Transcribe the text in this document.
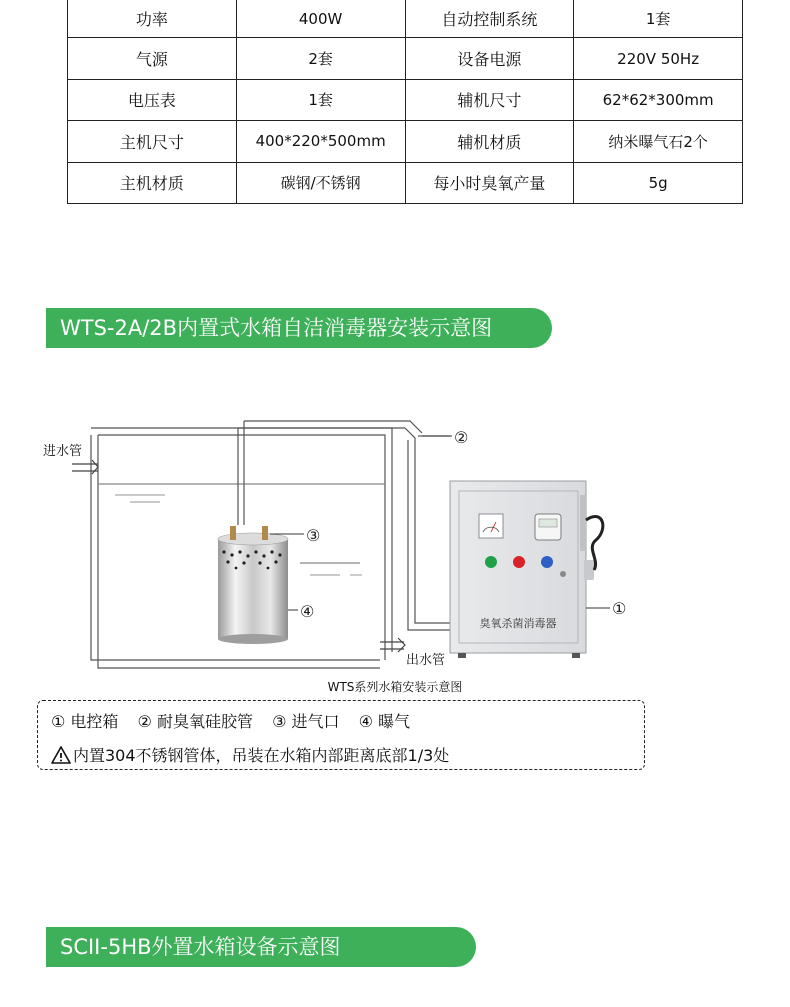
功率	400W	自动控制系统	1套
气源	2套	设备电源	220V 50Hz
电压表	1套	辅机尺寸	62*62*300mm
主机尺寸	400*220*500mm	辅机材质	纳米曝气石2个
主机材质	碳钢/不锈钢	每小时臭氧产量	5g
WTS-2A/2B内置式水箱自洁消毒器安装示意图
臭氧杀菌消毒器
①
②
③
④
进水管
出水管
WTS系列水箱安装示意图
① 电控箱 ② 耐臭氧硅胶管 ③ 进气口 ④ 曝气
内置304不锈钢管体，吊装在水箱内部距离底部1/3处
SCII-5HB外置水箱设备示意图
